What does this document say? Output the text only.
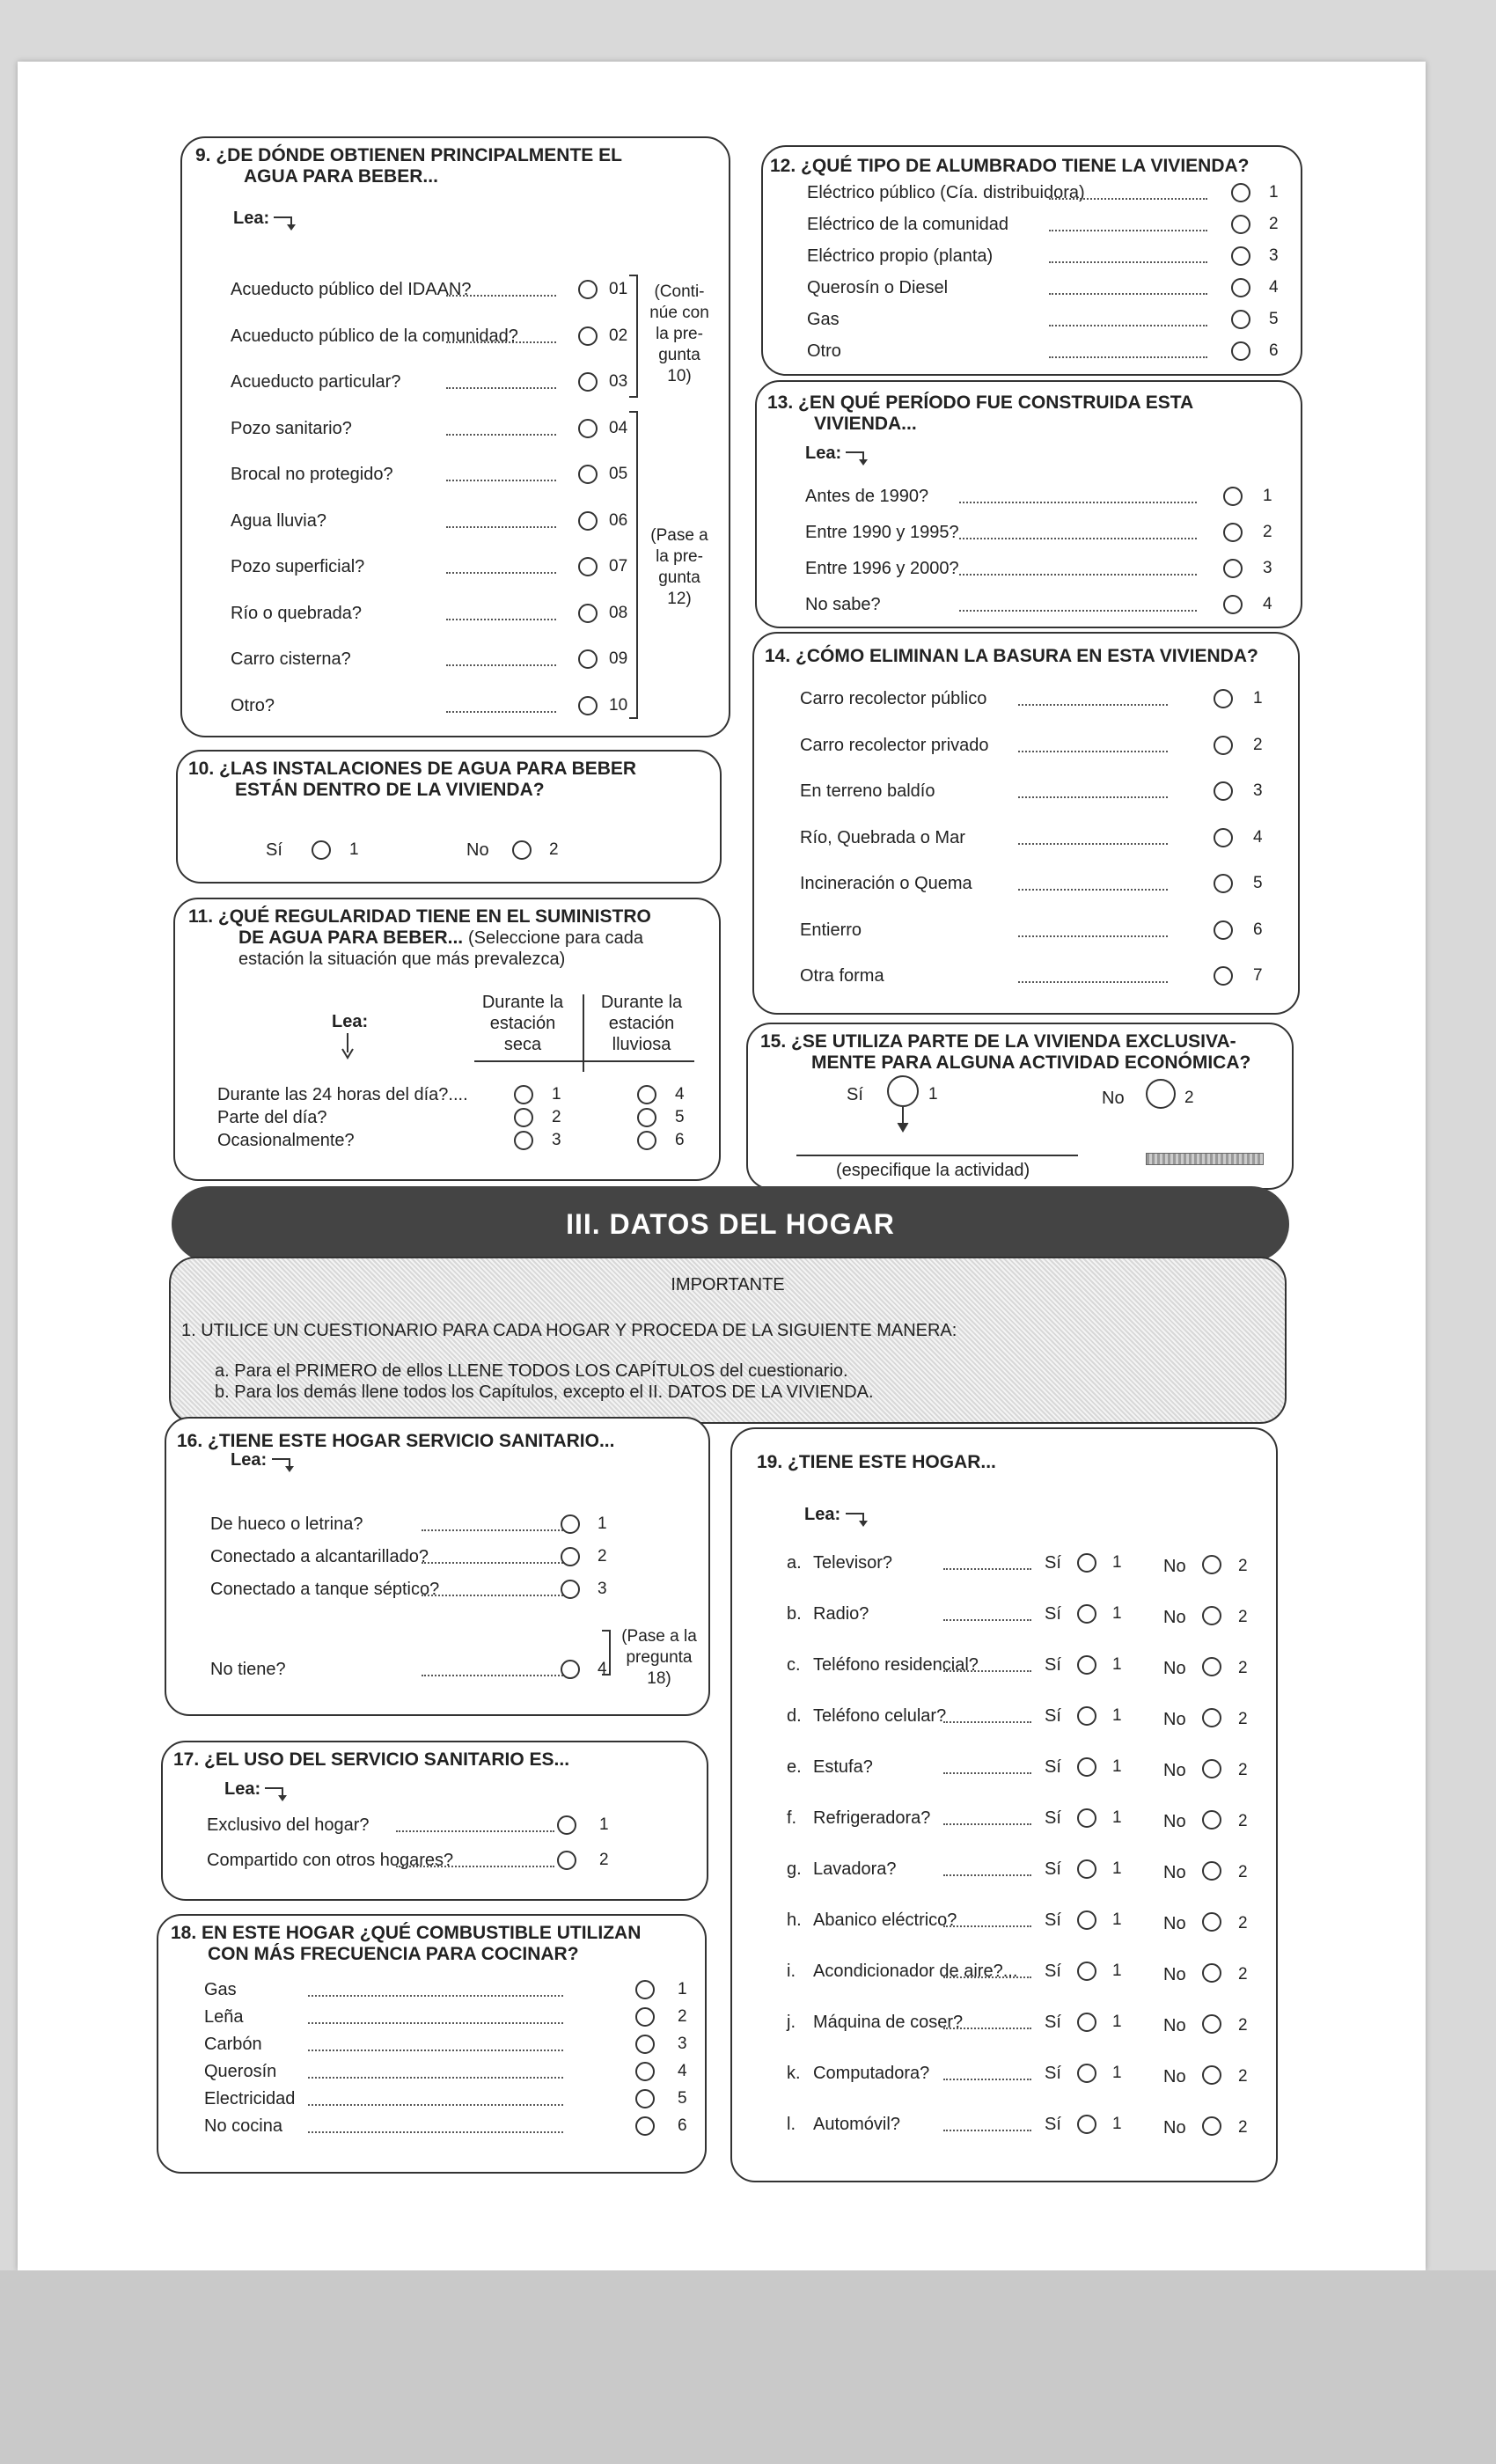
9. ¿DE DÓNDE OBTIENEN PRINCIPALMENTE EL
AGUA PARA BEBER...
Lea:
Acueducto público del IDAAN?	01
Acueducto público de la comunidad?	02
Acueducto particular?	03
Pozo sanitario?	04
Brocal no protegido?	05
Agua lluvia?	06
Pozo superficial?	07
Río o quebrada?	08
Carro cisterna?	09
Otro?	10
(Conti-
núe con
la pre-
gunta
10)
(Pase a
la pre-
gunta
12)
10. ¿LAS INSTALACIONES DE AGUA PARA BEBER
ESTÁN DENTRO DE LA VIVIENDA?
Sí	1	No	2
11. ¿QUÉ REGULARIDAD TIENE EN EL SUMINISTRO
DE AGUA PARA BEBER... (Seleccione para cada
estación la situación que más prevalezca)
Lea:
Durante la
estación
seca
Durante la
estación
lluviosa
Durante las 24 horas del día?....	1	4
Parte del día?	2	5
Ocasionalmente?	3	6
12. ¿QUÉ TIPO DE ALUMBRADO TIENE LA VIVIENDA?
Eléctrico público (Cía. distribuidora)	1
Eléctrico de la comunidad	2
Eléctrico propio (planta)	3
Querosín o Diesel	4
Gas	5
Otro	6
13. ¿EN QUÉ PERÍODO FUE CONSTRUIDA ESTA
VIVIENDA...
Lea:
Antes de 1990?	1
Entre 1990 y 1995?	2
Entre 1996 y 2000?	3
No sabe?	4
14. ¿CÓMO ELIMINAN LA BASURA EN ESTA VIVIENDA?
Carro recolector público	1
Carro recolector privado	2
En terreno baldío	3
Río, Quebrada o Mar	4
Incineración o Quema	5
Entierro	6
Otra forma	7
15. ¿SE UTILIZA PARTE DE LA VIVIENDA EXCLUSIVA-
MENTE PARA ALGUNA ACTIVIDAD ECONÓMICA?
Sí	1	No	2
(especifique la actividad)
III. DATOS DEL HOGAR
IMPORTANTE
1. UTILICE UN CUESTIONARIO PARA CADA HOGAR Y PROCEDA DE LA SIGUIENTE MANERA:
a. Para el PRIMERO de ellos LLENE TODOS LOS CAPÍTULOS del cuestionario.
b. Para los demás llene todos los Capítulos, excepto el II. DATOS DE LA VIVIENDA.
16. ¿TIENE ESTE HOGAR SERVICIO SANITARIO...
Lea:
De hueco o letrina?	1
Conectado a alcantarillado?	2
Conectado a tanque séptico?	3
No tiene?	4
(Pase a la
pregunta
18)
17. ¿EL USO DEL SERVICIO SANITARIO ES...
Lea:
Exclusivo del hogar?	1
Compartido con otros hogares?	2
18. EN ESTE HOGAR ¿QUÉ COMBUSTIBLE UTILIZAN
CON MÁS FRECUENCIA PARA COCINAR?
Gas	1
Leña	2
Carbón	3
Querosín	4
Electricidad	5
No cocina	6
19. ¿TIENE ESTE HOGAR...
Lea:
a. Televisor?	Sí	1 No	2
b. Radio?	Sí	1 No	2
c. Teléfono residencial?	Sí	1 No	2
d. Teléfono celular?	Sí	1 No	2
e. Estufa?	Sí	1 No	2
f. Refrigeradora?	Sí	1 No	2
g. Lavadora?	Sí	1 No	2
h. Abanico eléctrico?	Sí	1 No	2
i. Acondicionador de aire?... Sí	1 No	2
j. Máquina de coser?	Sí	1 No	2
k. Computadora?	Sí	1 No	2
l. Automóvil?	Sí	1 No	2
